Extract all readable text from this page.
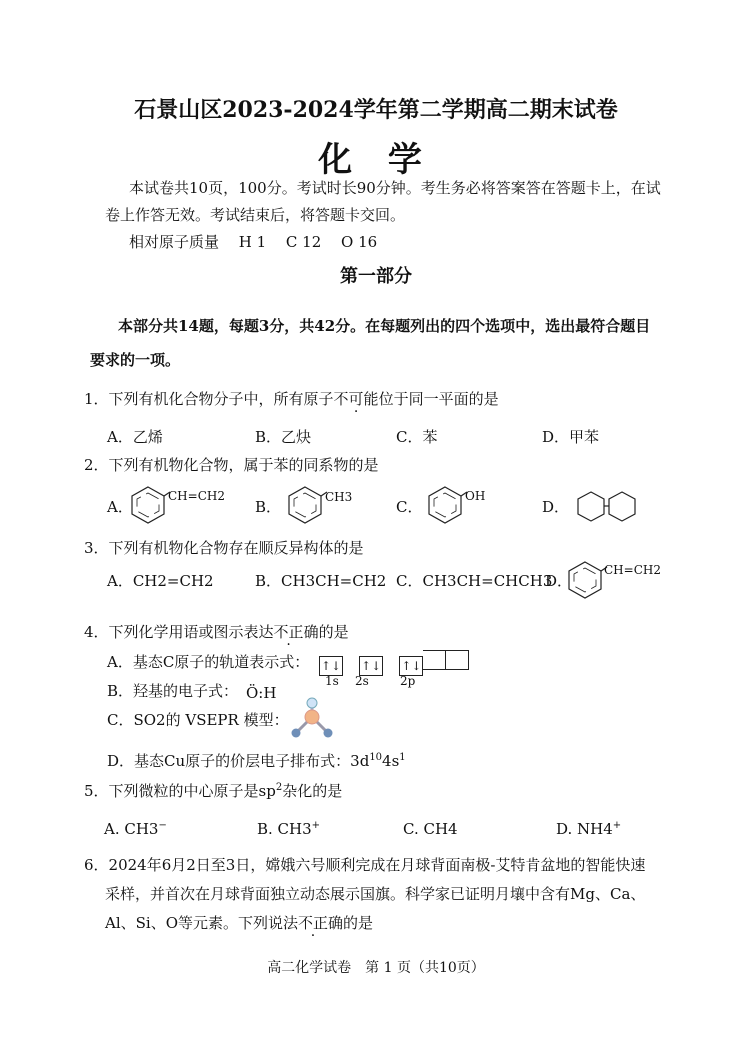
石景山区2023-2024学年第二学期高二期末试卷
化 学
本试卷共10页，100分。考试时长90分钟。考生务必将答案答在答题卡上，在试
卷上作答无效。考试结束后，将答题卡交回。
相对原子质量　 H 1　 C 12　 O 16
第一部分
本部分共14题，每题3分，共42分。在每题列出的四个选项中，选出最符合题目
要求的一项。
1．下列有机化合物分子中，所有原子不可能位于同一平面的是
A．乙烯	B．乙炔	C．苯	D．甲苯
2．下列有机物化合物，属于苯的同系物的是
A．	B．	C．	D．
CH=CH2	CH3	OH
3．下列有机物化合物存在顺反异构体的是
A．CH2=CH2	B．CH3CH=CH2 C．CH3CH=CHCH3
D．
CH=CH2
4．下列化学用语或图示表达不正确的是
A．基态C原子的轨道表示式： ↑↓ ↑↓ ↑↓
1s 2s	2p
B．羟基的电子式： Ö:H
C．SO2的 VSEPR 模型：
D．基态Cu原子的价层电子排布式：$3d^{10}4s^1$
5．下列微粒的中心原子是$sp^2$杂化的是
A. CH3−	B. CH3+	C. CH4	D. NH4+
6．2024年6月2日至3日，嫦娥六号顺利完成在月球背面南极-艾特肯盆地的智能快速
采样，并首次在月球背面独立动态展示国旗。科学家已证明月壤中含有Mg、Ca、
Al、Si、O等元素。下列说法不正确的是
高二化学试卷　第 1 页（共10页）
